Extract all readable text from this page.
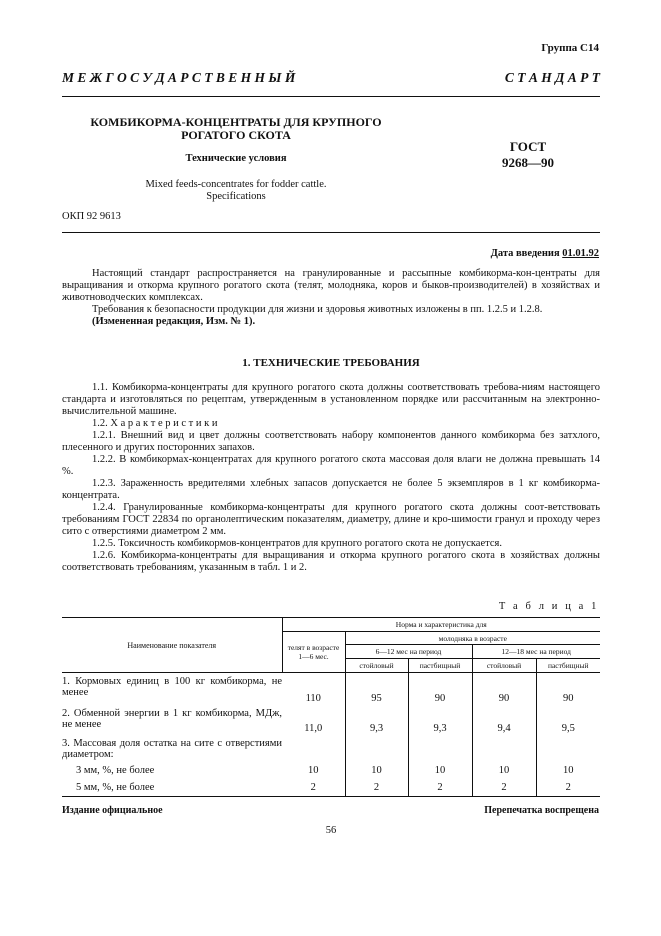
Группа С14
М Е Ж Г О С У Д А Р С Т В Е Н Н Ы Й	С Т А Н Д А Р Т
КОМБИКОРМА-КОНЦЕНТРАТЫ ДЛЯ КРУПНОГО
РОГАТОГО СКОТА
ГОСТ
9268—90
Технические условия
Mixed feeds-concentrates for fodder cattle.
Specifications
ОКП 92 9613
Дата введения 01.01.92

Настоящий стандарт распространяется на гранулированные и рассыпные комбикорма-кон-центраты для выращивания и откорма крупного рогатого скота (телят, молодняка, коров и быков-производителей) в хозяйствах и животноводческих комплексах.

Требования к безопасности продукции для жизни и здоровья животных изложены в пп. 1.2.5 и 1.2.8.

(Измененная редакция, Изм. № 1).

1. ТЕХНИЧЕСКИЕ ТРЕБОВАНИЯ

1.1. Комбикорма-концентраты для крупного рогатого скота должны соответствовать требова-ниям настоящего стандарта и изготовляться по рецептам, утвержденным в установленном порядке или рассчитанным на электронно-вычислительной машине.

1.2. Х а р а к т е р и с т и к и

1.2.1. Внешний вид и цвет должны соответствовать набору компонентов данного комбикорма без затхлого, плесенного и других посторонних запахов.

1.2.2. В комбикормах-концентратах для крупного рогатого скота массовая доля влаги не должна превышать 14 %.

1.2.3. Зараженность вредителями хлебных запасов допускается не более 5 экземпляров в 1 кг комбикорма-концентрата.

1.2.4. Гранулированные комбикорма-концентраты для крупного рогатого скота должны соот-ветствовать требованиям ГОСТ 22834 по органолептическим показателям, диаметру, длине и кро-шимости гранул и проходу через сито с отверстиями диаметром 2 мм.

1.2.5. Токсичность комбикормов-концентратов для крупного рогатого скота не допускается.

1.2.6. Комбикорма-концентраты для выращивания и откорма крупного рогатого скота в хозяйствах должны соответствовать требованиям, указанным в табл. 1 и 2.

Т а б л и ц а 1
Наименование показателя	Норма и характеристика для				
	телят в возрасте 1—6 мес.	молодняка в возрасте			
		6—12 мес на период		12—18 мес на период	
		стойловый	пастбищный	стойловый	пастбищный
1. Кормовых единиц в 100 кг комбикорма, не менее	110	95	90	90	90
2. Обменной энергии в 1 кг комбикорма, МДж, не менее	11,0	9,3	9,3	9,4	9,5
3. Массовая доля остатка на сите с отверстиями диаметром:					
3 мм, %, не более	10	10	10	10	10
5 мм, %, не более	2	2	2	2	2
Издание официальное	Перепечатка воспрещена
56
